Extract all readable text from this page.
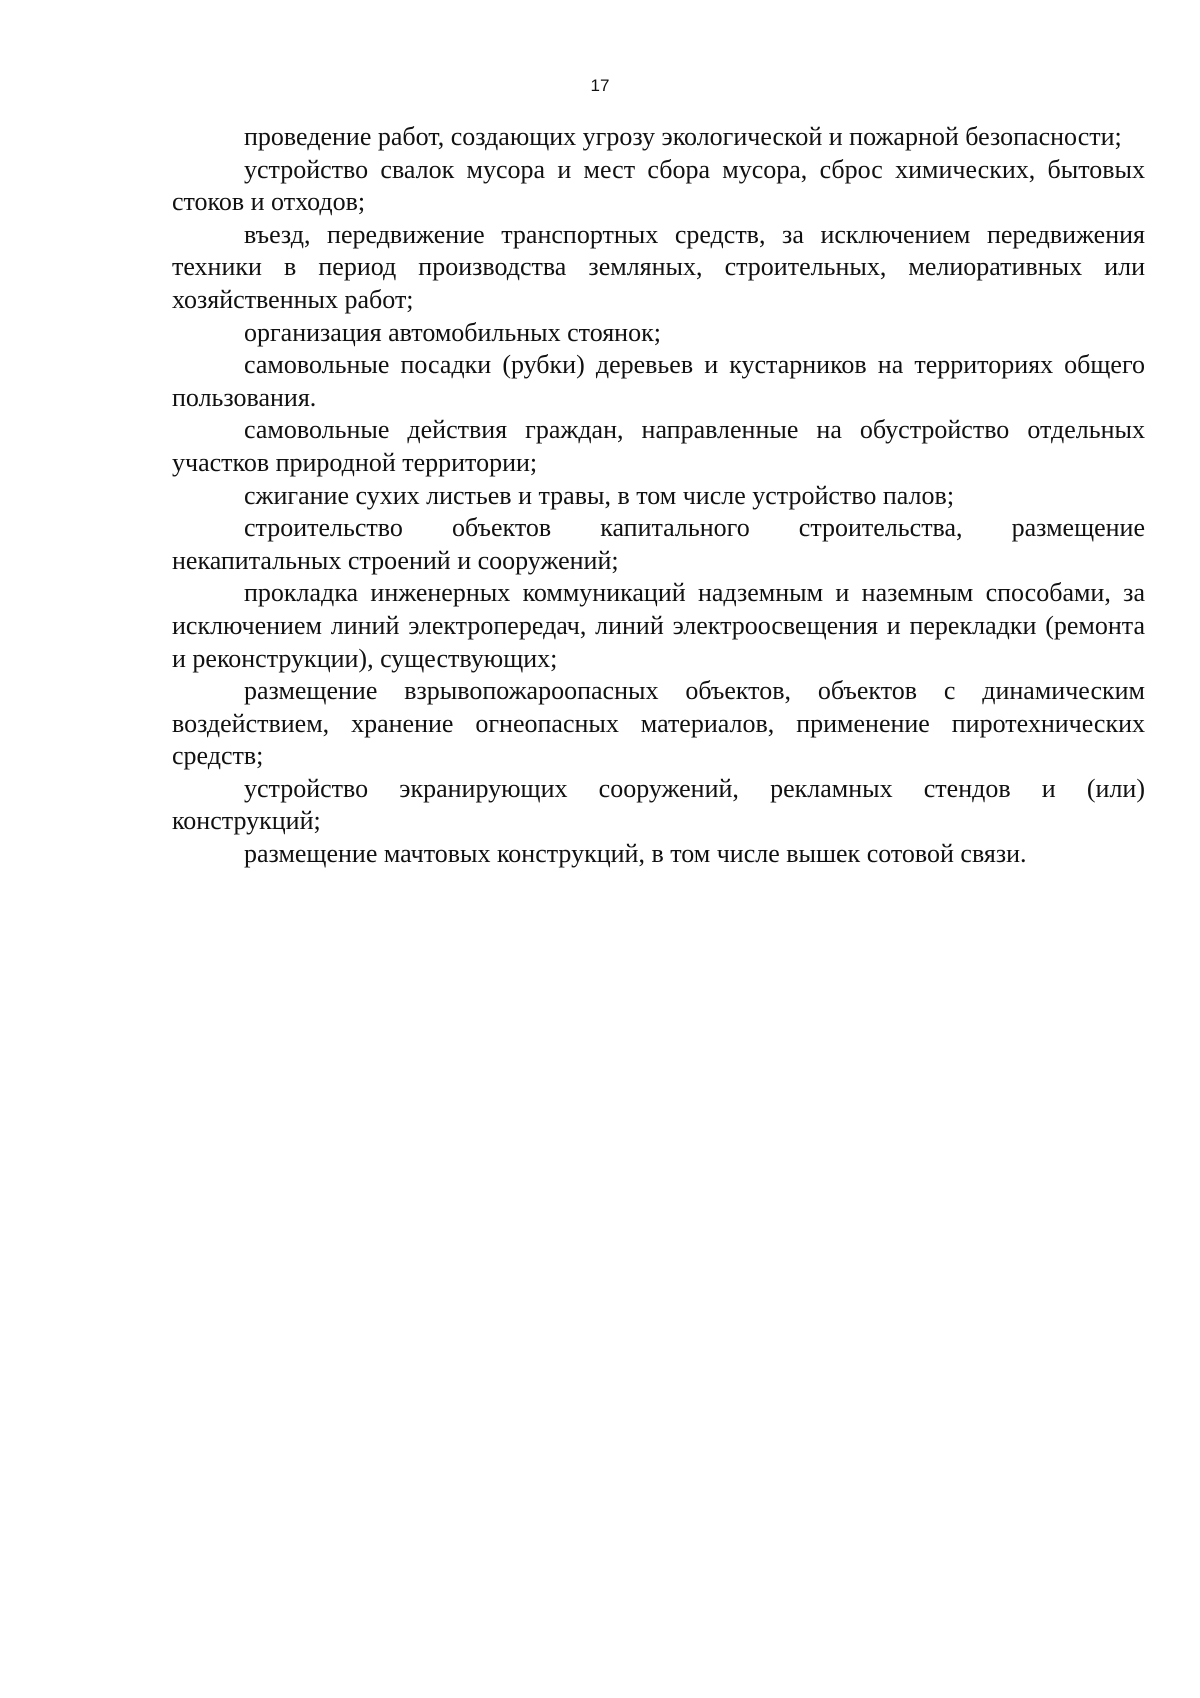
17

проведение работ, создающих угрозу экологической и пожарной безопасности;

устройство свалок мусора и мест сбора мусора, сброс химических, бытовых стоков и отходов;

въезд, передвижение транспортных средств, за исключением передвижения техники в период производства земляных, строительных, мелиоративных или хозяйственных работ;

организация автомобильных стоянок;

самовольные посадки (рубки) деревьев и кустарников на территориях общего пользования.

самовольные действия граждан, направленные на обустройство отдельных участков природной территории;

сжигание сухих листьев и травы, в том числе устройство палов;

строительство объектов капитального строительства, размещение некапитальных строений и сооружений;

прокладка инженерных коммуникаций надземным и наземным способами, за исключением линий электропередач, линий электроосвещения и перекладки (ремонта и реконструкции), существующих;

размещение взрывопожароопасных объектов, объектов с динамическим воздействием, хранение огнеопасных материалов, применение пиротехнических средств;

устройство экранирующих сооружений, рекламных стендов и (или) конструкций;

размещение мачтовых конструкций, в том числе вышек сотовой связи.
